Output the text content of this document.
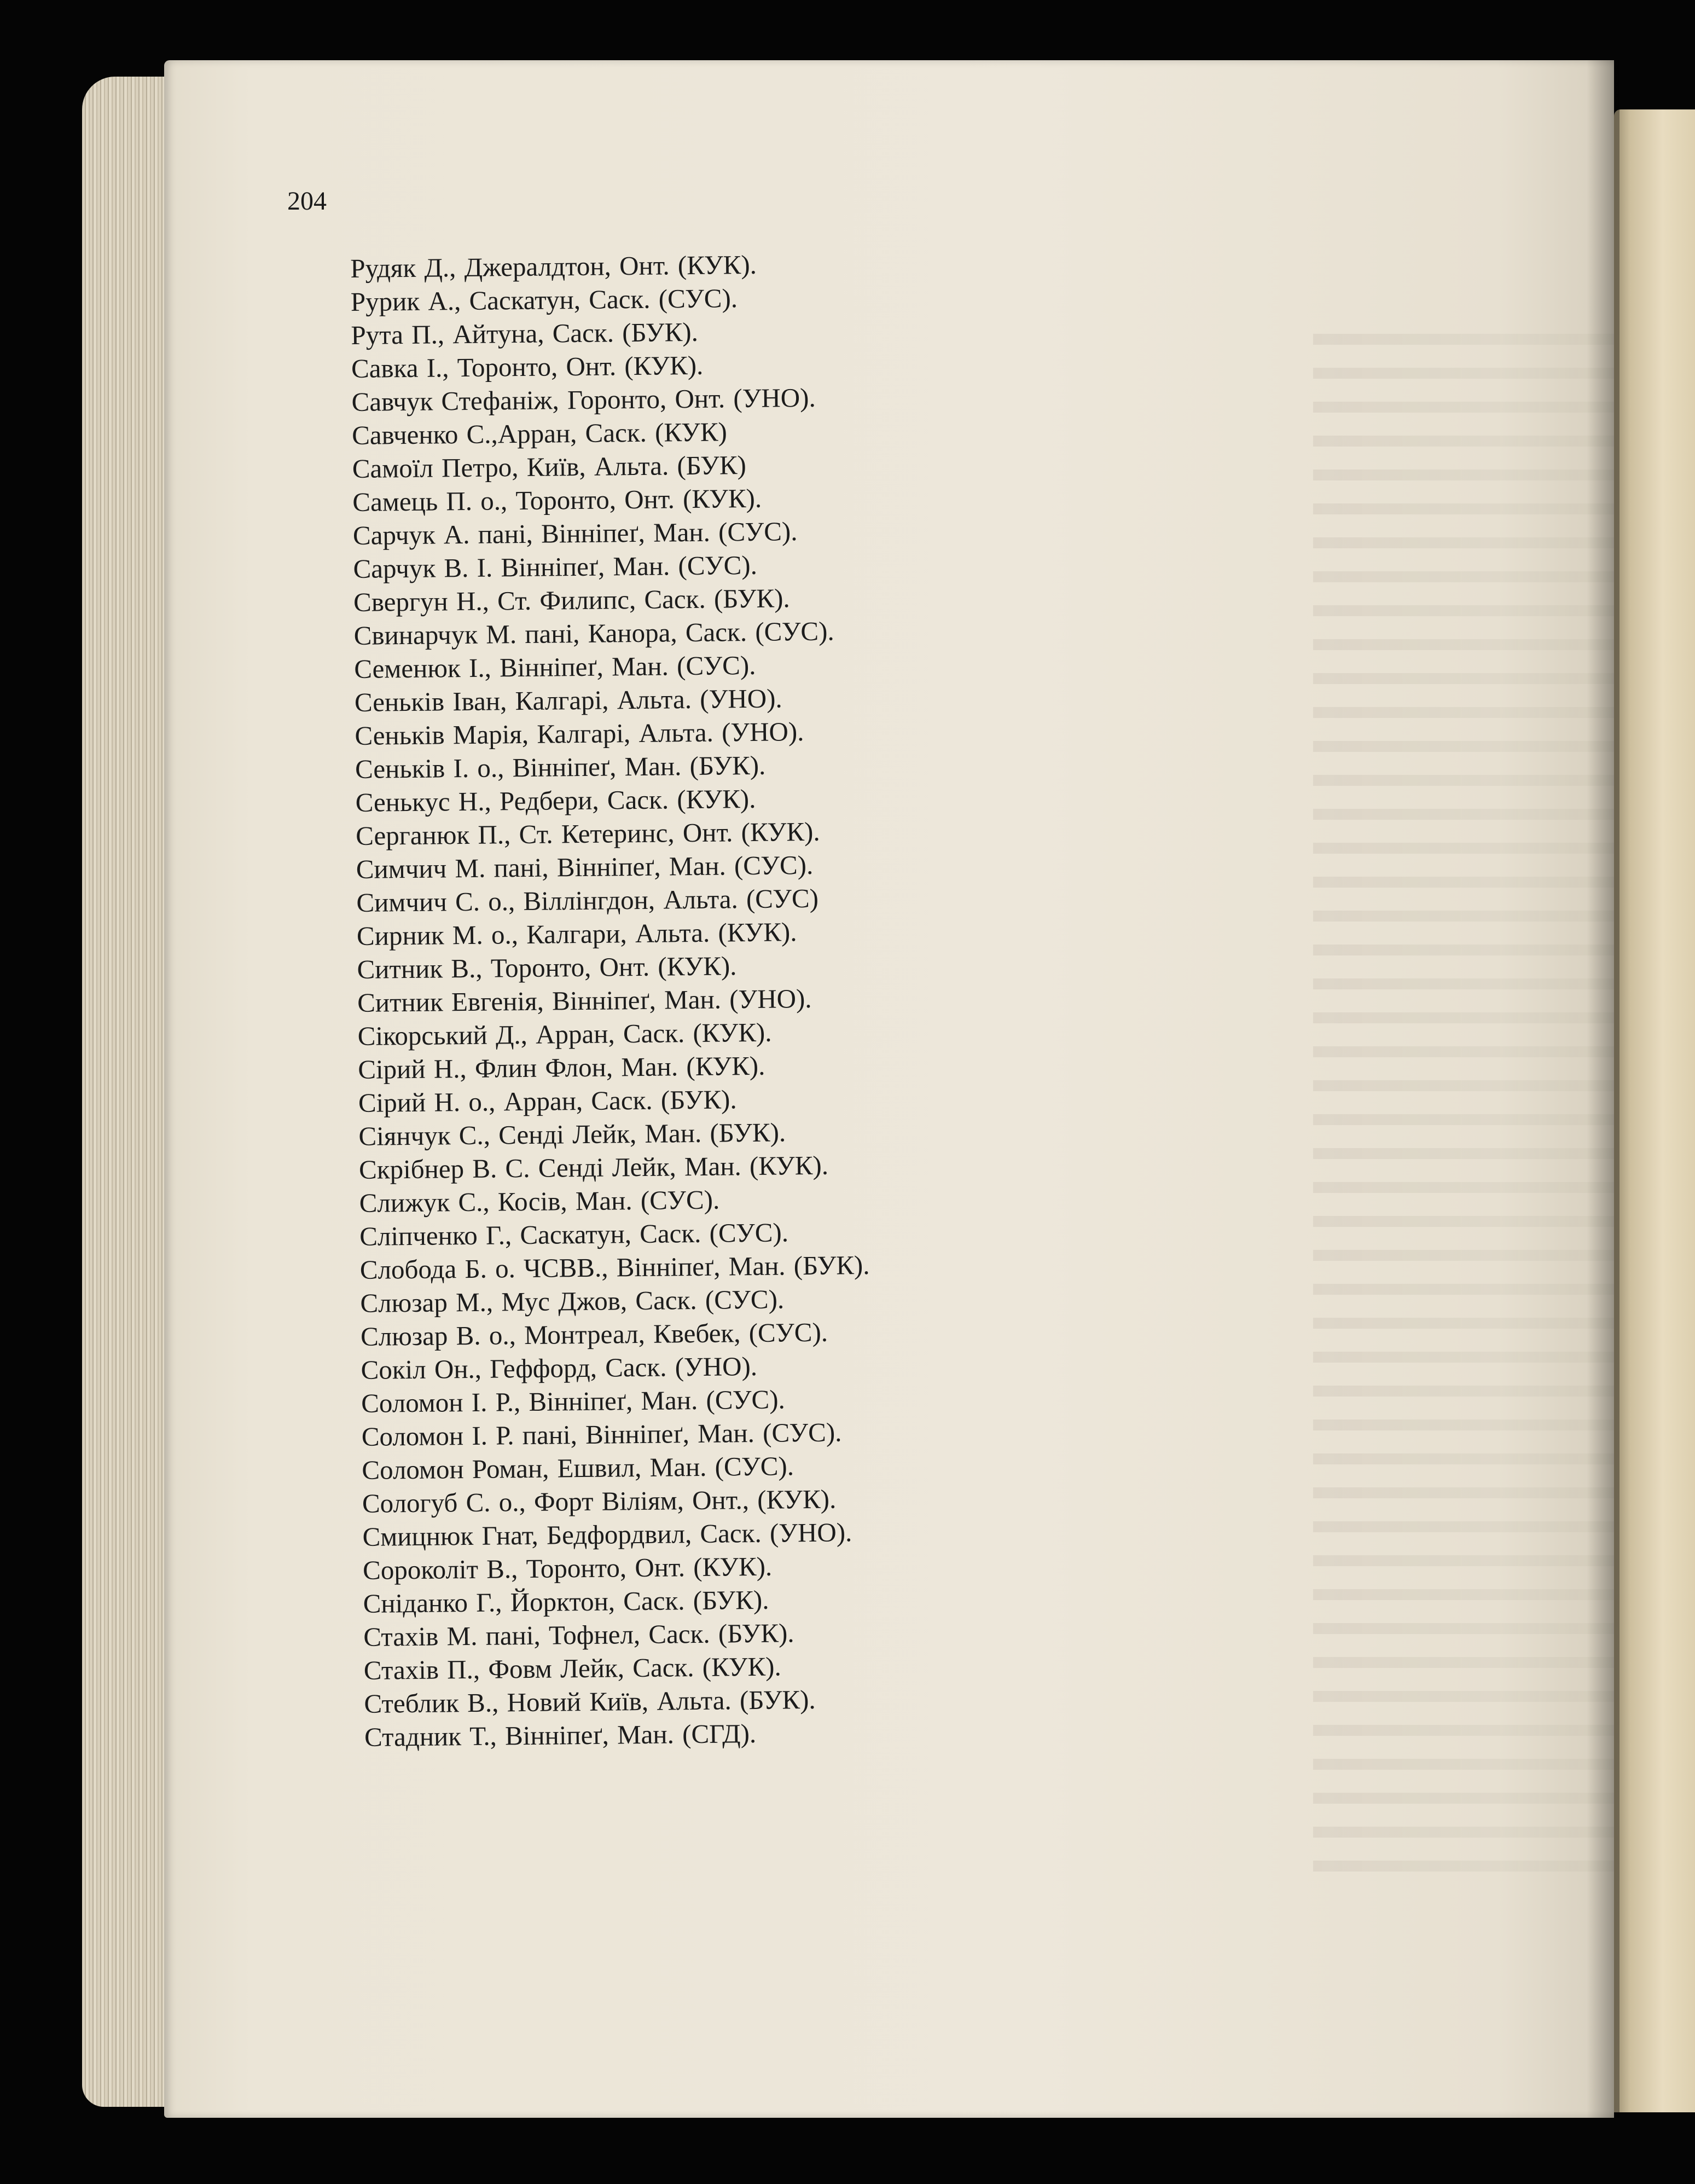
204

Рудяк Д., Джералдтон, Онт. (КУК).
Рурик А., Саскатун, Саск. (СУС).
Рута П., Айтуна, Саск. (БУК).
Савка І., Торонто, Онт. (КУК).
Савчук Стефаніж, Горонто, Онт. (УНО).
Савченко С.,Арран, Саск. (КУК)
Самоїл Петро, Київ, Альта. (БУК)
Самець П. о., Торонто, Онт. (КУК).
Сарчук А. пані, Вінніпеґ, Ман. (СУС).
Сарчук В. І. Вінніпеґ, Ман. (СУС).
Свергун Н., Ст. Филипс, Саск. (БУК).
Свинарчук М. пані, Канора, Саск. (СУС).
Семенюк І., Вінніпеґ, Ман. (СУС).
Сеньків Іван, Калгарі, Альта. (УНО).
Сеньків Марія, Калгарі, Альта. (УНО).
Сеньків І. о., Вінніпеґ, Ман. (БУК).
Сенькус Н., Редбери, Саск. (КУК).
Серганюк П., Ст. Кетеринс, Онт. (КУК).
Симчич М. пані, Вінніпеґ, Ман. (СУС).
Симчич С. о., Віллінгдон, Альта. (СУС)
Сирник М. о., Калгари, Альта. (КУК).
Ситник В., Торонто, Онт. (КУК).
Ситник Евгенія, Вінніпеґ, Ман. (УНО).
Сікорський Д., Арран, Саск. (КУК).
Сірий Н., Флин Флон, Ман. (КУК).
Сірий Н. о., Арран, Саск. (БУК).
Сіянчук С., Сенді Лейк, Ман. (БУК).
Скрібнер В. С. Сенді Лейк, Ман. (КУК).
Слижук С., Косів, Ман. (СУС).
Сліпченко Г., Саскатун, Саск. (СУС).
Слобода Б. о. ЧСВВ., Вінніпеґ, Ман. (БУК).
Слюзар М., Мус Джов, Саск. (СУС).
Слюзар В. о., Монтреал, Квебек, (СУС).
Сокіл Он., Геффорд, Саск. (УНО).
Соломон І. Р., Вінніпеґ, Ман. (СУС).
Соломон І. Р. пані, Вінніпеґ, Ман. (СУС).
Соломон Роман, Ешвил, Ман. (СУС).
Сологуб С. о., Форт Віліям, Онт., (КУК).
Смицнюк Гнат, Бедфордвил, Саск. (УНО).
Сороколіт В., Торонто, Онт. (КУК).
Сніданко Г., Йорктон, Саск. (БУК).
Стахів М. пані, Тофнел, Саск. (БУК).
Стахів П., Фовм Лейк, Саск. (КУК).
Стеблик В., Новий Київ, Альта. (БУК).
Стадник Т., Вінніпеґ, Ман. (СГД).
